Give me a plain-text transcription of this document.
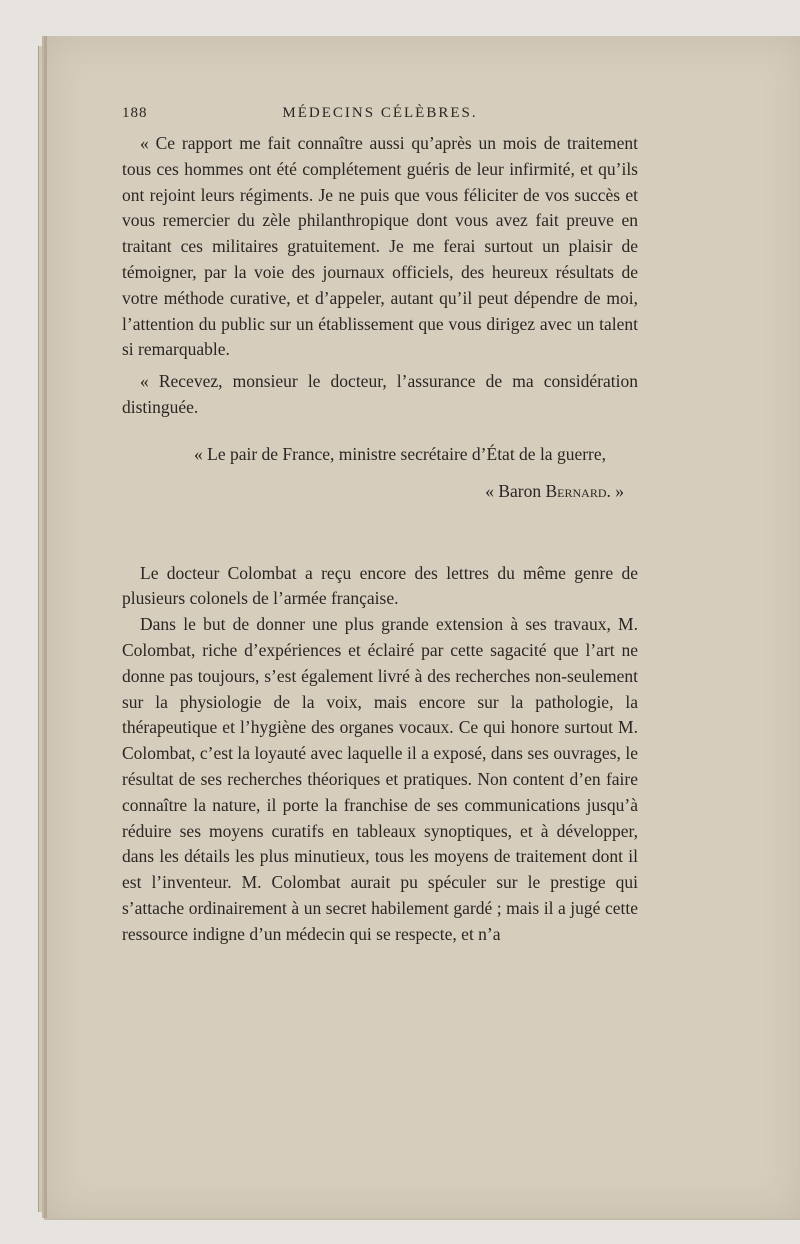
188	MÉDECINS CÉLÈBRES.

« Ce rapport me fait connaître aussi qu’après un mois de traitement tous ces hommes ont été complétement guéris de leur infirmité, et qu’ils ont rejoint leurs régiments. Je ne puis que vous féliciter de vos succès et vous remercier du zèle philanthropique dont vous avez fait preuve en traitant ces militaires gratuitement. Je me ferai surtout un plaisir de témoigner, par la voie des journaux officiels, des heureux résultats de votre méthode curative, et d’appeler, autant qu’il peut dépendre de moi, l’attention du public sur un établissement que vous dirigez avec un talent si remarquable.

« Recevez, monsieur le docteur, l’assurance de ma considération distinguée.

« Le pair de France, ministre secrétaire d’État de la guerre,

« Baron Bernard. »

Le docteur Colombat a reçu encore des lettres du même genre de plusieurs colonels de l’armée française.

Dans le but de donner une plus grande extension à ses travaux, M. Colombat, riche d’expériences et éclairé par cette sagacité que l’art ne donne pas toujours, s’est également livré à des recherches non-seulement sur la physiologie de la voix, mais encore sur la pathologie, la thérapeutique et l’hygiène des organes vocaux. Ce qui honore surtout M. Colombat, c’est la loyauté avec laquelle il a exposé, dans ses ouvrages, le résultat de ses recherches théoriques et pratiques. Non content d’en faire connaître la nature, il porte la franchise de ses communications jusqu’à réduire ses moyens curatifs en tableaux synoptiques, et à développer, dans les détails les plus minutieux, tous les moyens de traitement dont il est l’inventeur. M. Colombat aurait pu spéculer sur le prestige qui s’attache ordinairement à un secret habilement gardé ; mais il a jugé cette ressource indigne d’un médecin qui se respecte, et n’a
